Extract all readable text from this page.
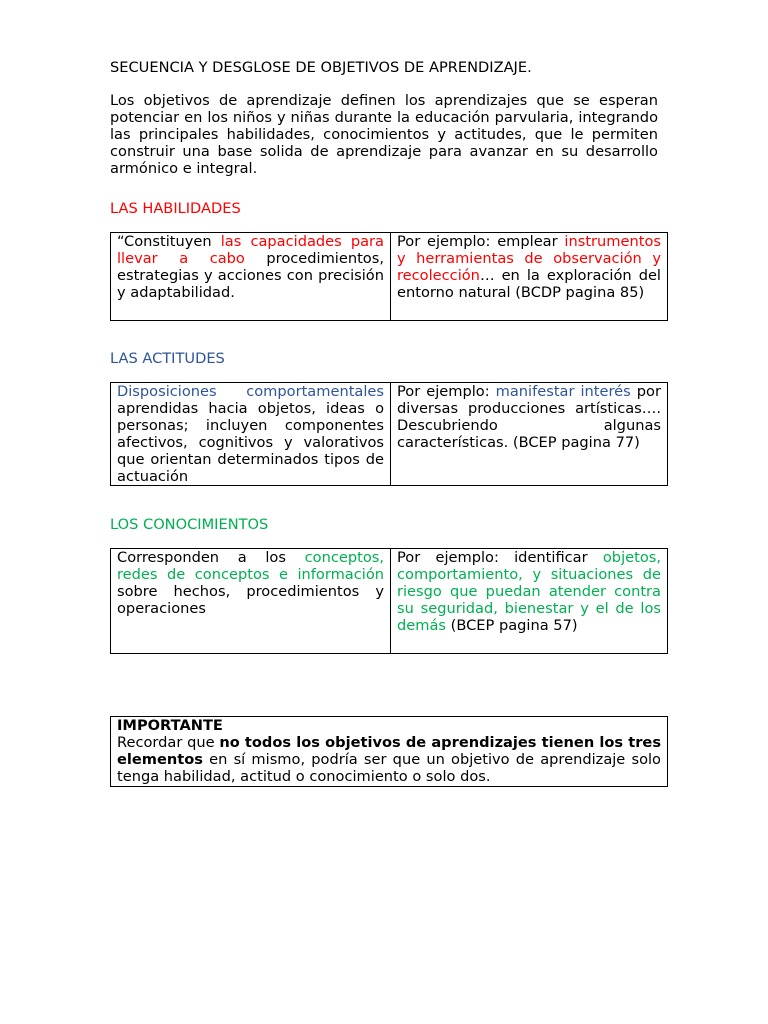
SECUENCIA Y DESGLOSE DE OBJETIVOS DE APRENDIZAJE.
Los objetivos de aprendizaje definen los aprendizajes que se esperan potenciar en los niños y niñas durante la educación parvularia, integrando las principales habilidades, conocimientos y actitudes, que le permiten construir una base solida de aprendizaje para avanzar en su desarrollo armónico e integral.
LAS HABILIDADES
“Constituyen las capacidades para llevar a cabo procedimientos, estrategias y acciones con precisión y adaptabilidad.	Por ejemplo: emplear instrumentos y herramientas de observación y recolección… en la exploración del entorno natural (BCDP pagina 85)
LAS ACTITUDES
Disposiciones comportamentales aprendidas hacia objetos, ideas o personas; incluyen componentes afectivos, cognitivos y valorativos que orientan determinados tipos de actuación	Por ejemplo: manifestar interés por diversas producciones artísticas…. Descubriendo algunas características. (BCEP pagina 77)
LOS CONOCIMIENTOS
Corresponden a los conceptos, redes de conceptos e información sobre hechos, procedimientos y operaciones	Por ejemplo: identificar objetos, comportamiento, y situaciones de riesgo que puedan atender contra su seguridad, bienestar y el de los demás (BCEP pagina 57)
IMPORTANTE
Recordar que no todos los objetivos de aprendizajes tienen los tres elementos en sí mismo, podría ser que un objetivo de aprendizaje solo tenga habilidad, actitud o conocimiento o solo dos.
